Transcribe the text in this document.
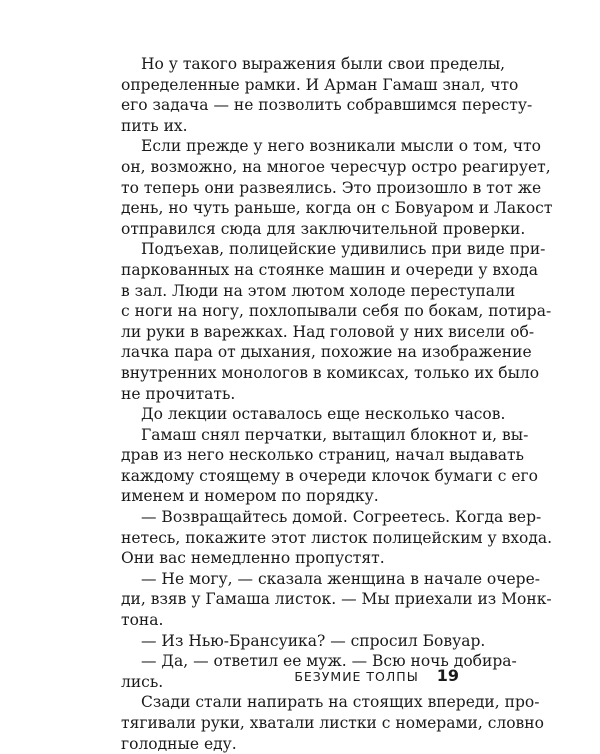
Но у такого выражения были свои пределы,
определенные рамки. И Арман Гамаш знал, что
его задача — не позволить собравшимся пересту-
пить их.
Если прежде у него возникали мысли о том, что
он, возможно, на многое чересчур остро реагирует,
то теперь они развеялись. Это произошло в тот же
день, но чуть раньше, когда он с Бовуаром и Лакост
отправился сюда для заключительной проверки.
Подъехав, полицейские удивились при виде при-
паркованных на стоянке машин и очереди у входа
в зал. Люди на этом лютом холоде переступали
с ноги на ногу, похлопывали себя по бокам, потира-
ли руки в варежках. Над головой у них висели об-
лачка пара от дыхания, похожие на изображение
внутренних монологов в комиксах, только их было
не прочитать.
До лекции оставалось еще несколько часов.
Гамаш снял перчатки, вытащил блокнот и, вы-
драв из него несколько страниц, начал выдавать
каждому стоящему в очереди клочок бумаги с его
именем и номером по порядку.
— Возвращайтесь домой. Согреетесь. Когда вер-
нетесь, покажите этот листок полицейским у входа.
Они вас немедленно пропустят.
— Не могу, — сказала женщина в начале очере-
ди, взяв у Гамаша листок. — Мы приехали из Монк-
тона.
— Из Нью-Брансуика? — спросил Бовуар.
— Да, — ответил ее муж. — Всю ночь добира-
лись.
Сзади стали напирать на стоящих впереди, про-
тягивали руки, хватали листки с номерами, словно
голодные еду.
БЕЗУМИЕ ТОЛПЫ 19
